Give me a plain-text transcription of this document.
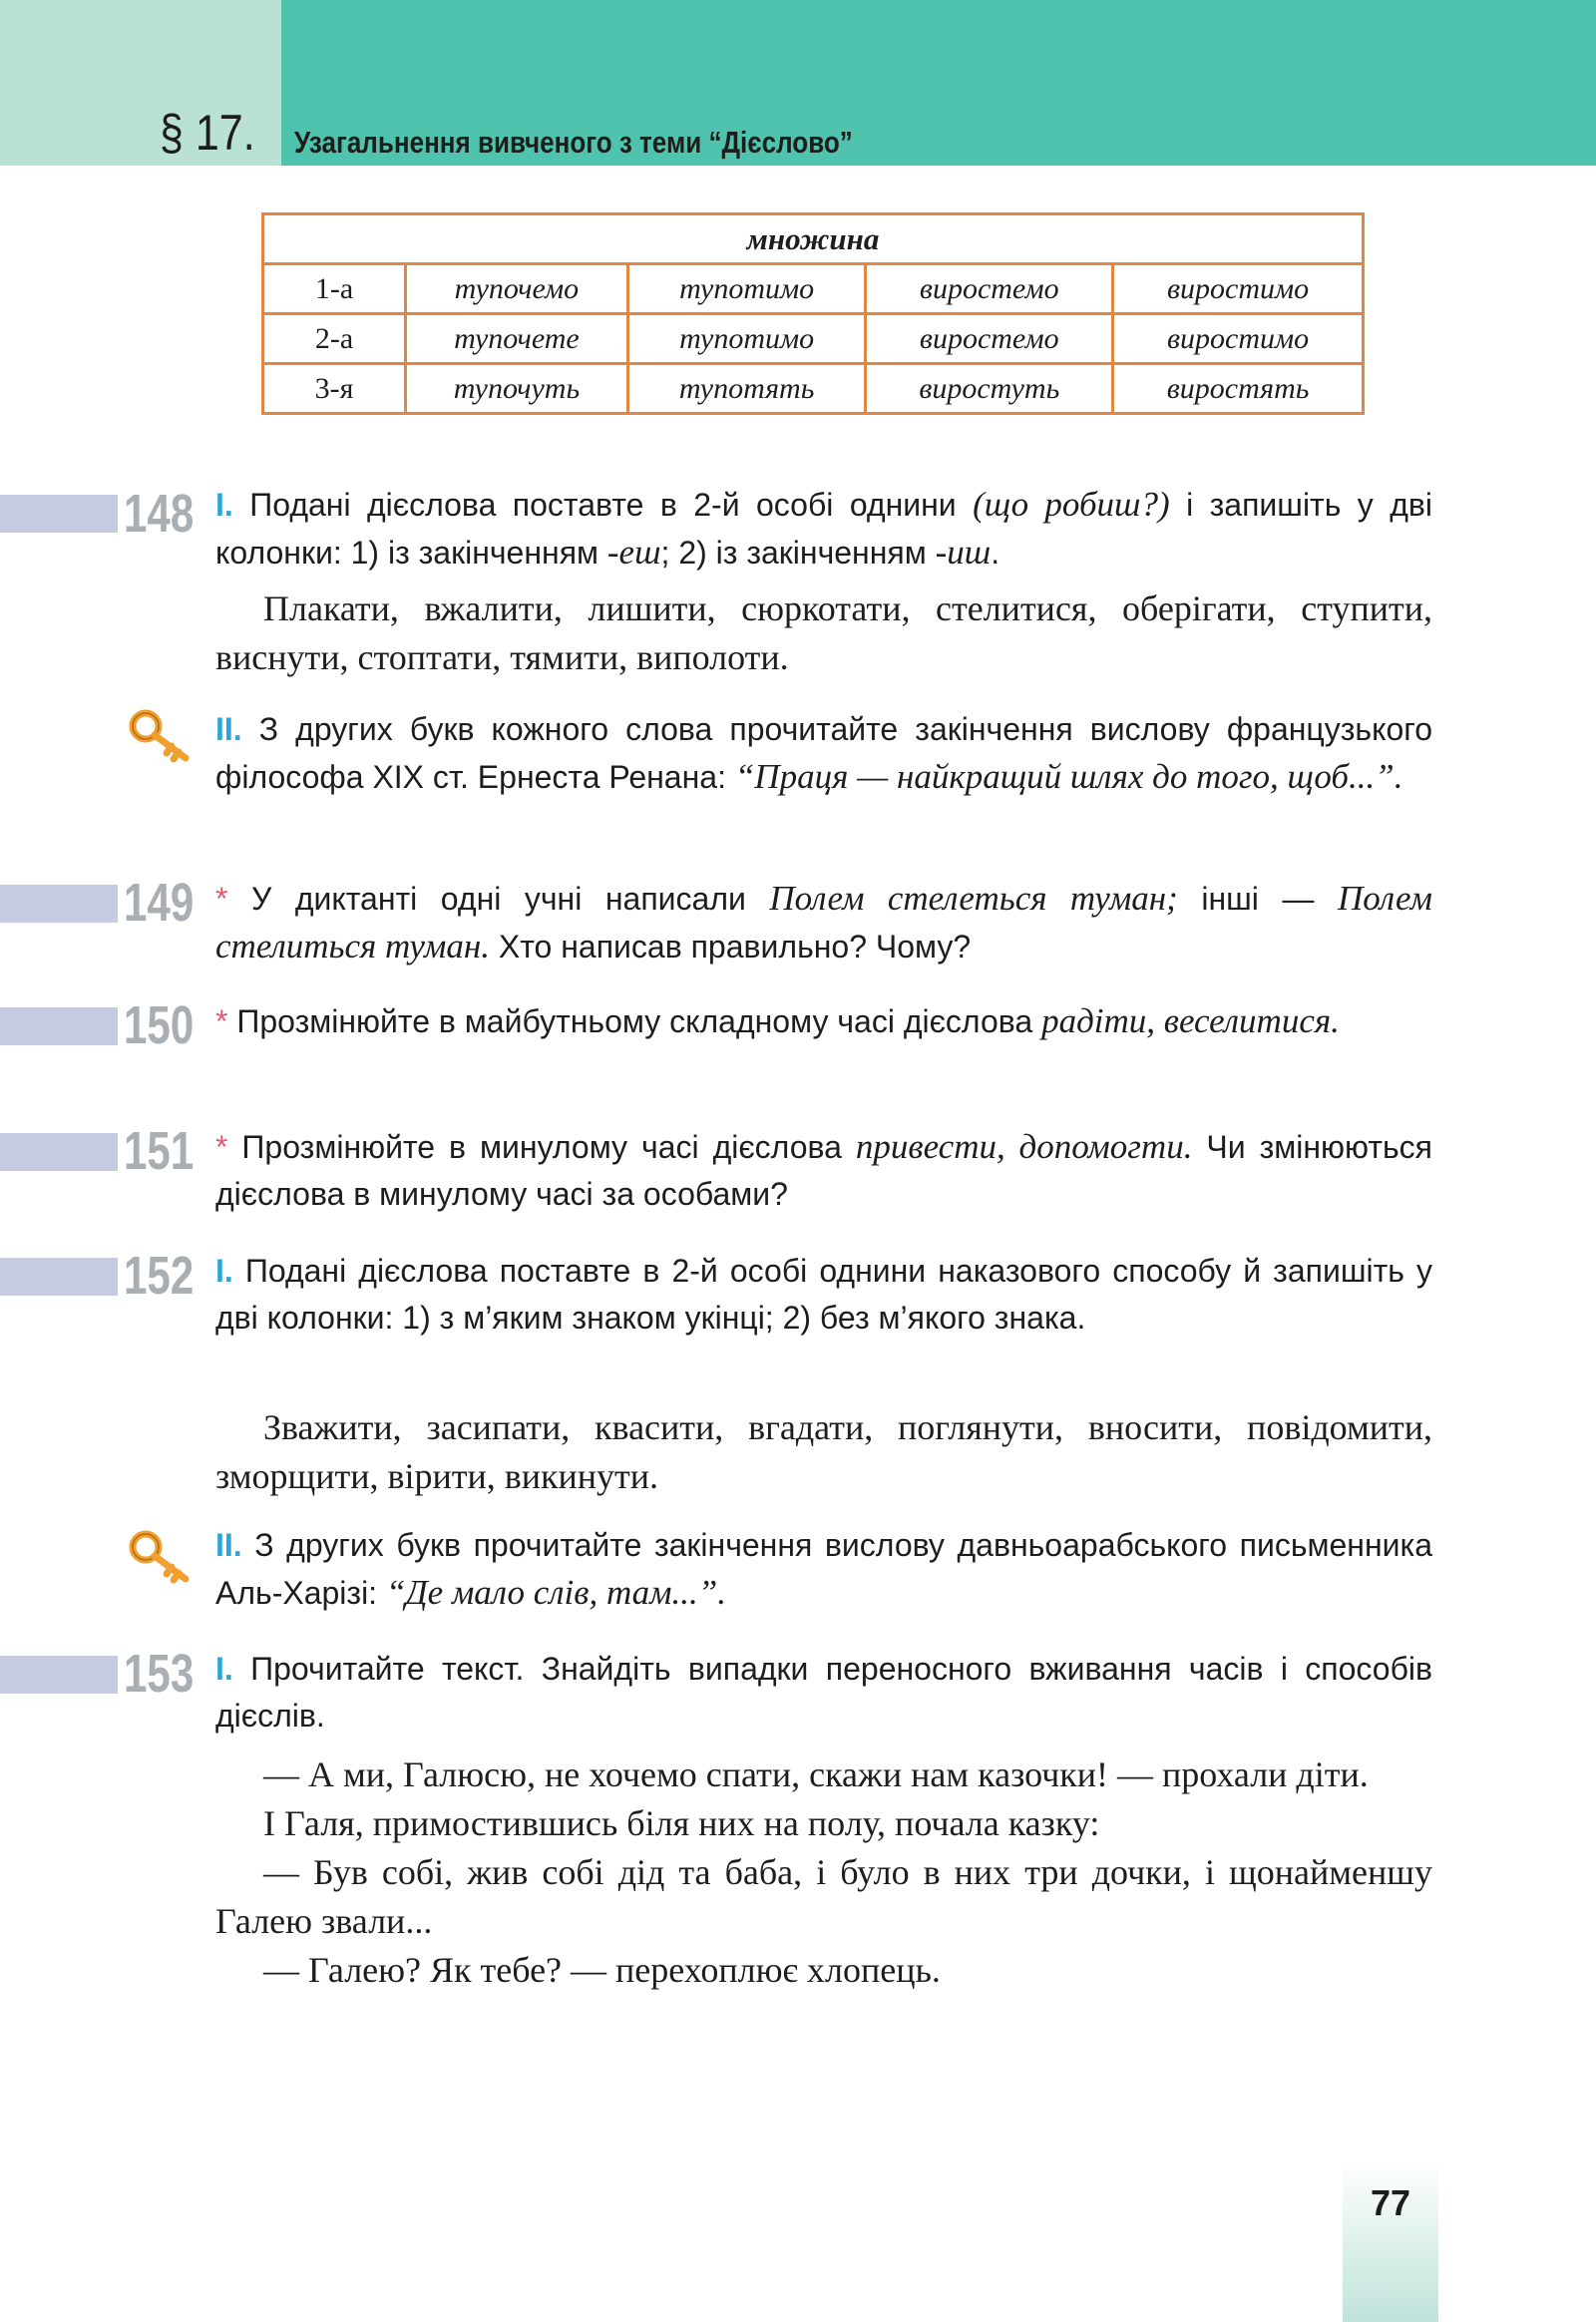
§ 17. Узагальнення вивченого з теми “Дієслово”
множина				
1-а	тупочемо	тупотимо	виростемо	виростимо
2-а	тупочете	тупотимо	виростемо	виростимо
3-я	тупочуть	тупотять	виростуть	виростять
148 І. Подані дієслова поставте в 2-й особі однини (що робиш?) і запишіть у дві колонки: 1) із закінченням -еш; 2) із закінченням -иш.

Плакати, вжалити, лишити, сюркотати, стелитися, оберігати, ступити, виснути, стоптати, тямити, виполоти.

ІІ. З других букв кожного слова прочитайте закінчення вислову французького філософа XIX ст. Ернеста Ренана: “Праця — найкращий шлях до того, щоб...”.

149 * У диктанті одні учні написали Полем стелеться туман; інші — Полем стелиться туман. Хто написав правильно? Чому?

150 * Прозмінюйте в майбутньому складному часі дієслова радіти, веселитися.

151 * Прозмінюйте в минулому часі дієслова привести, допомогти. Чи змінюються дієслова в минулому часі за особами?

152 І. Подані дієслова поставте в 2-й особі однини наказового способу й запишіть у дві колонки: 1) з м’яким знаком укінці; 2) без м’якого знака.

Зважити, засипати, квасити, вгадати, поглянути, вносити, повідомити, зморщити, вірити, викинути.

ІІ. З других букв прочитайте закінчення вислову давньоарабського письменника Аль-Харізі: “Де мало слів, там...”.

153 І. Прочитайте текст. Знайдіть випадки переносного вживання часів і способів дієслів.

— А ми, Галюсю, не хочемо спати, скажи нам казочки! — прохали діти.

І Галя, примостившись біля них на полу, почала казку:

— Був собі, жив собі дід та баба, і було в них три дочки, і щонайменшу Галею звали...

— Галею? Як тебе? — перехоплює хлопець.

77
